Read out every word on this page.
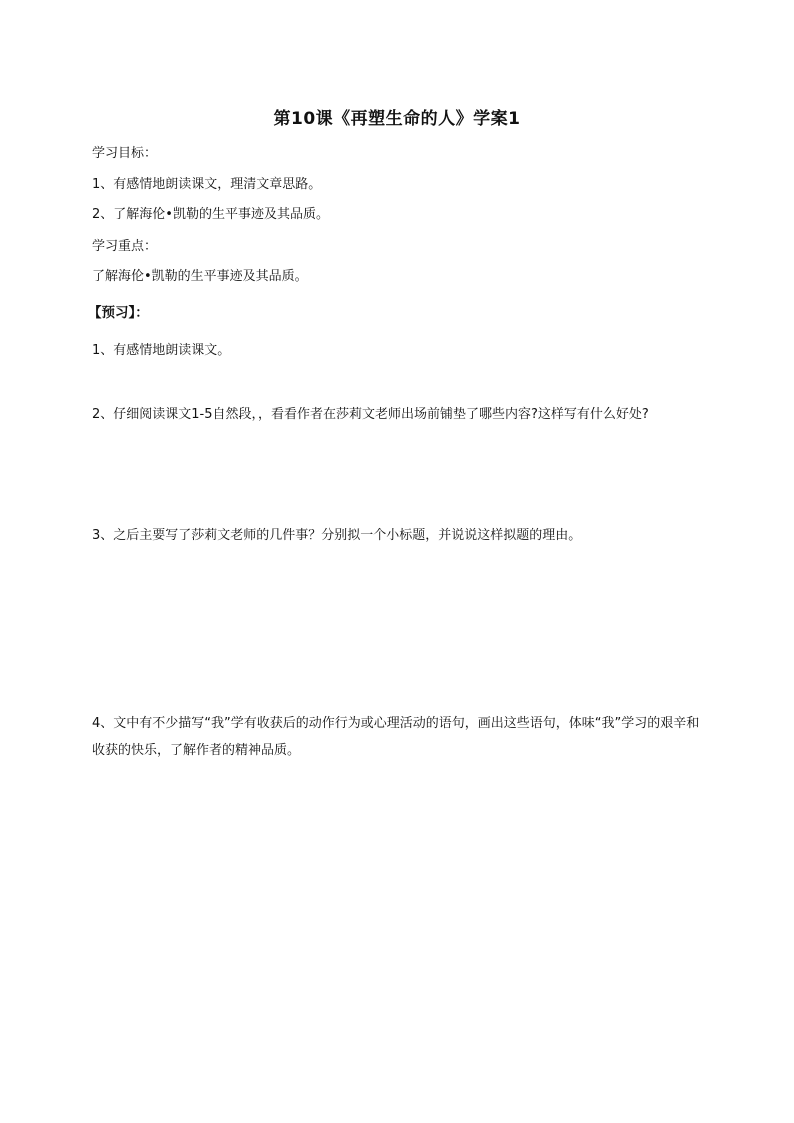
第10课《再塑生命的人》学案1
学习目标：
1、有感情地朗读课文，理清文章思路。
2、了解海伦•凯勒的生平事迹及其品质。
学习重点：
了解海伦•凯勒的生平事迹及其品质。
【预习】：
1、有感情地朗读课文。
2、仔细阅读课文1-5自然段，，看看作者在莎莉文老师出场前铺垫了哪些内容?这样写有什么好处?
3、之后主要写了莎莉文老师的几件事？分别拟一个小标题，并说说这样拟题的理由。
4、文中有不少描写“我”学有收获后的动作行为或心理活动的语句，画出这些语句，体味“我”学习的艰辛和收获的快乐，了解作者的精神品质。
